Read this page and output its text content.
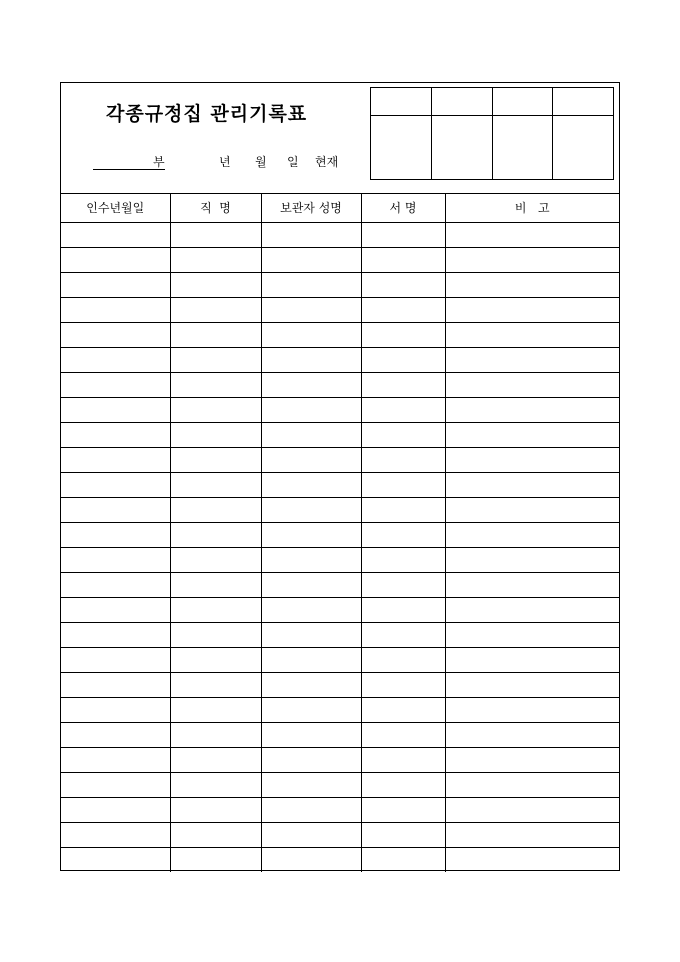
각종규정집 관리기록표
부	년 월 일 현재

인수년월일	직  명	보관자 성명	서 명	비   고
